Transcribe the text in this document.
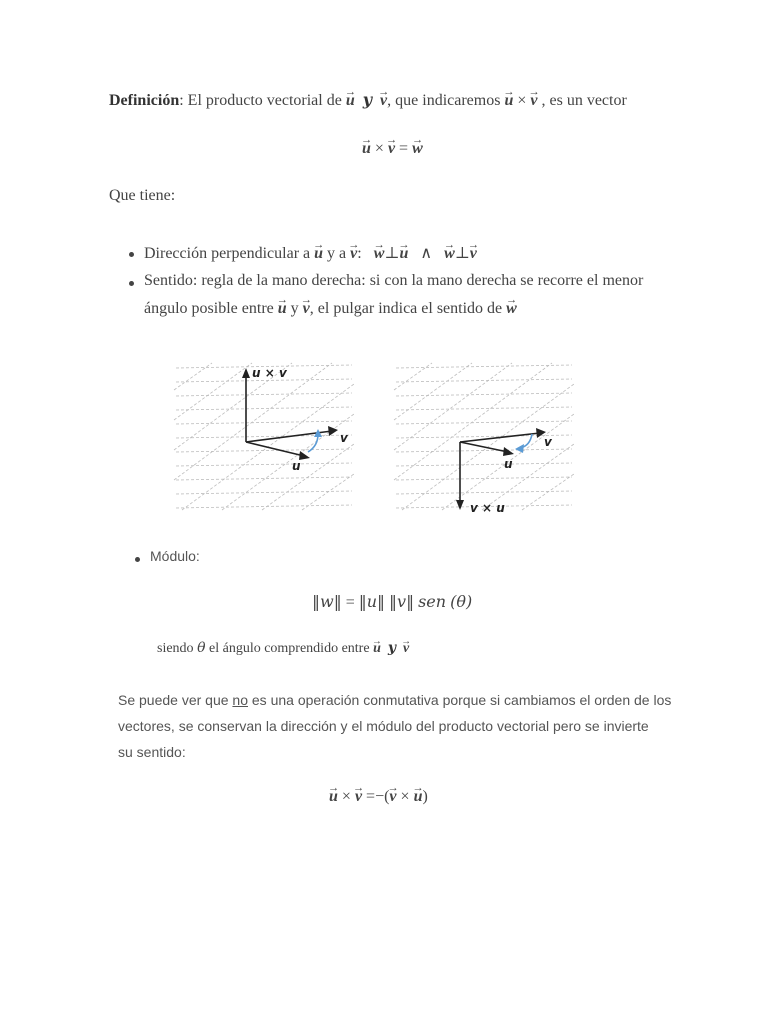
Definición: El producto vectorial de → u y → v, que indicaremos → u × → v , es un vector
→ u × → v = → w
Que tiene:
Dirección perpendicular a → u y a → v: → w⊥→ u ∧ → w⊥→ v
Sentido: regla de la mano derecha: si con la mano derecha se recorre el menor
ángulo posible entre → u y → v, el pulgar indica el sentido de → w
u × v
v
u
v
u
v × u
Módulo:
‖w‖ = ‖u‖ ‖v‖ sen (θ)
siendo θ el ángulo comprendido entre → u y → v
Se puede ver que no es una operación conmutativa porque si cambiamos el orden de los
vectores, se conservan la dirección y el módulo del producto vectorial pero se invierte
su sentido:
→ u × → v =−(→ v × → u)
